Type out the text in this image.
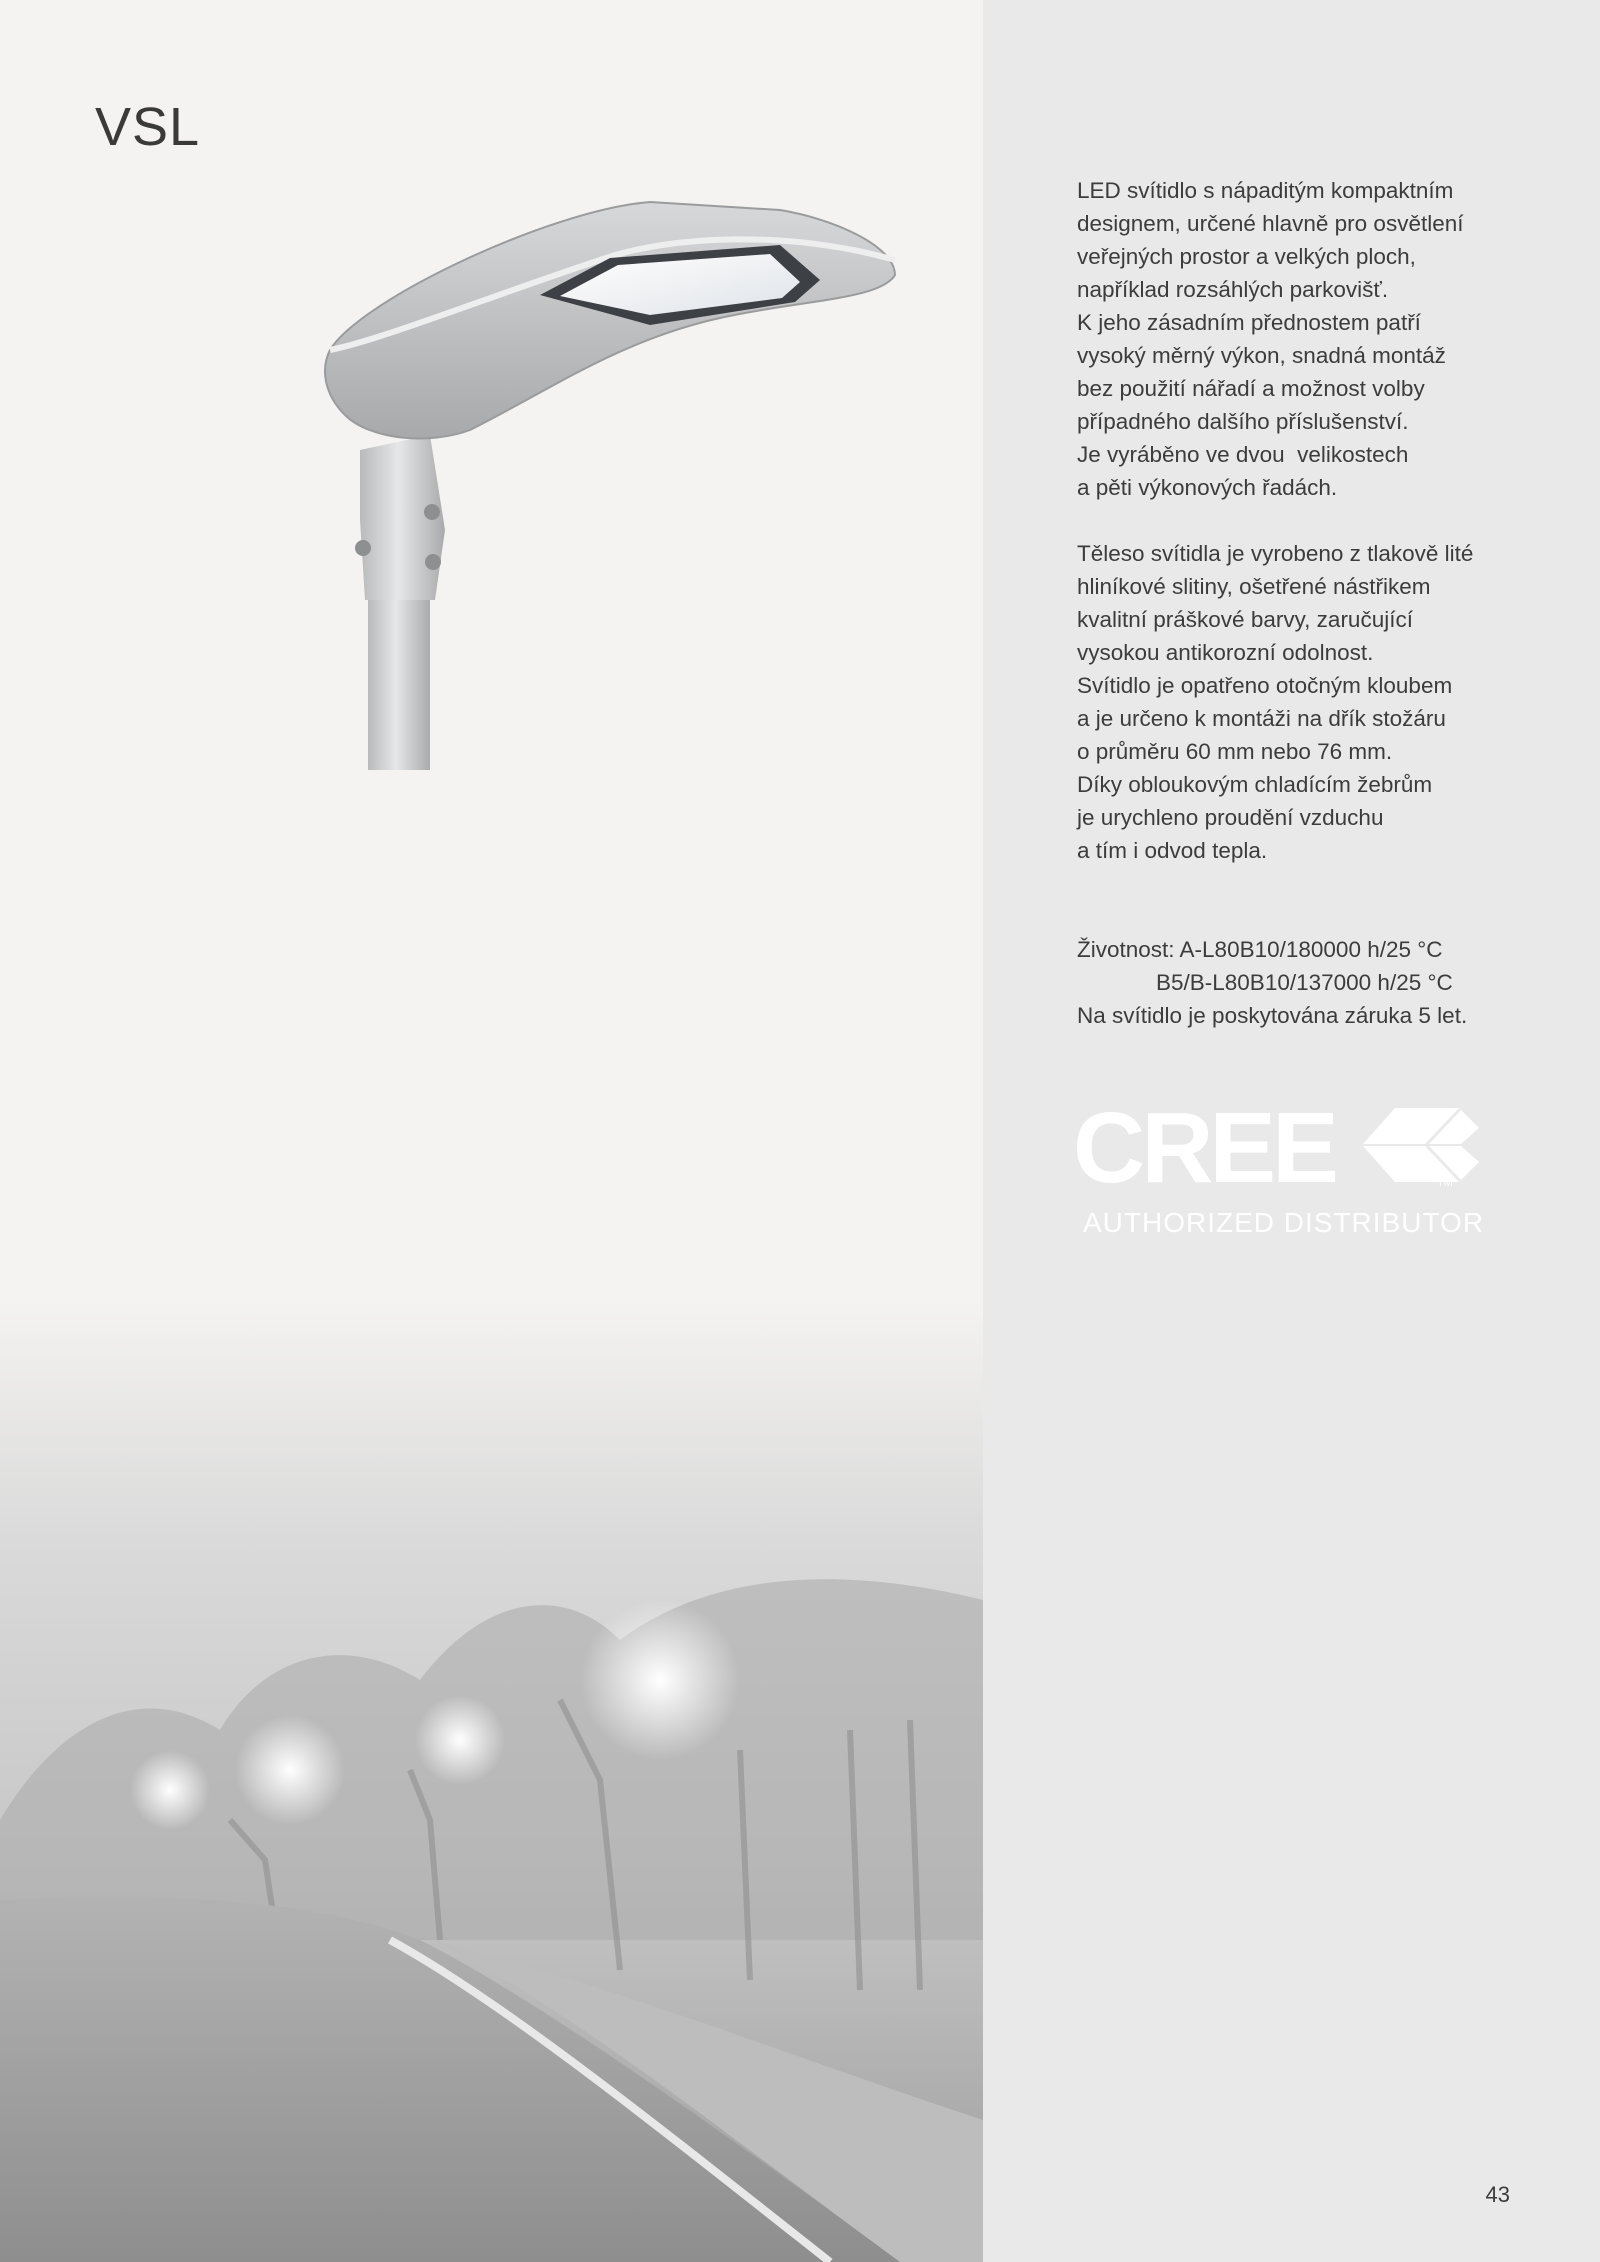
VSL

LED svítidlo s nápaditým kompaktním

designem, určené hlavně pro osvětlení

veřejných prostor a velkých ploch,

například rozsáhlých parkovišť.

K jeho zásadním přednostem patří

vysoký měrný výkon, snadná montáž

bez použití nářadí a možnost volby

případného dalšího příslušenství.

Je vyráběno ve dvou  velikostech

a pěti výkonových řadách.

Těleso svítidla je vyrobeno z tlakově lité

hliníkové slitiny, ošetřené nástřikem

kvalitní práškové barvy, zaručující

vysokou antikorozní odolnost.

Svítidlo je opatřeno otočným kloubem

a je určeno k montáži na dřík stožáru

o průměru 60 mm nebo 76 mm.

Díky obloukovým chladícím žebrům

je urychleno proudění vzduchu

a tím i odvod tepla.

Životnost: A-L80B10/180000 h/25 °C

B5/B-L80B10/137000 h/25 °C

Na svítidlo je poskytována záruka 5 let.

CREE	TM
AUTHORIZED DISTRIBUTOR
43
